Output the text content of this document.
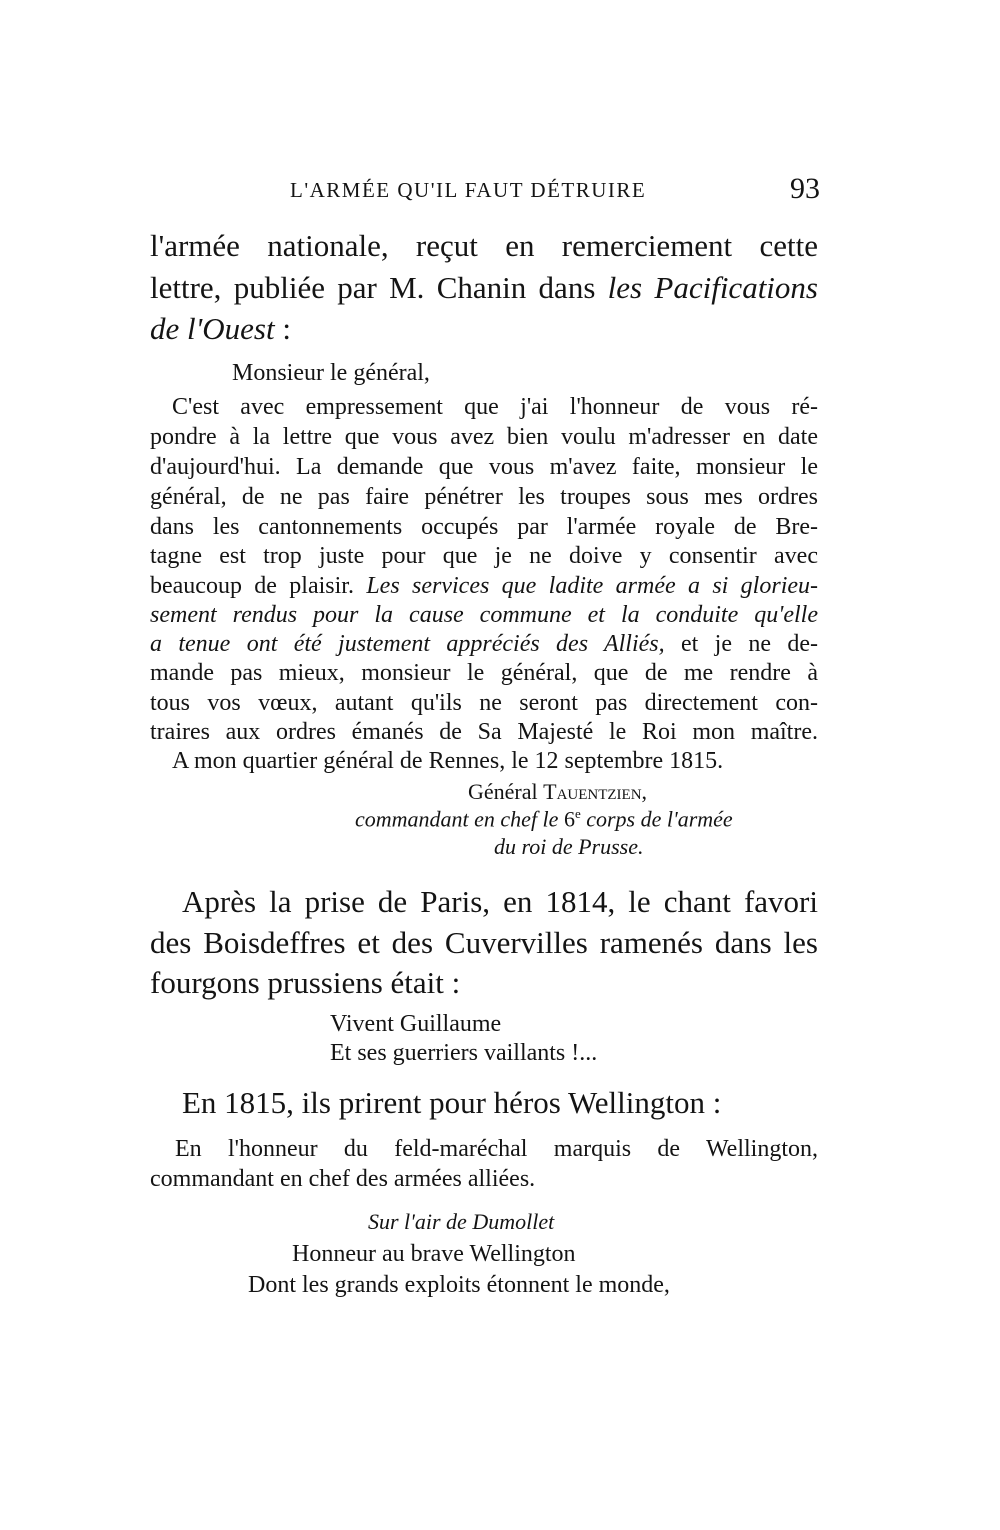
L'ARMÉE QU'IL FAUT DÉTRUIRE	93
l'armée nationale, reçut en remerciement cette
lettre, publiée par M. Chanin dans les Pacifications
de l'Ouest :
Monsieur le général,
C'est avec empressement que j'ai l'honneur de vous ré-
pondre à la lettre que vous avez bien voulu m'adresser en date
d'aujourd'hui. La demande que vous m'avez faite, monsieur le
général, de ne pas faire pénétrer les troupes sous mes ordres
dans les cantonnements occupés par l'armée royale de Bre-
tagne est trop juste pour que je ne doive y consentir avec
beaucoup de plaisir. Les services que ladite armée a si glorieu-
sement rendus pour la cause commune et la conduite qu'elle
a tenue ont été justement appréciés des Alliés, et je ne de-
mande pas mieux, monsieur le général, que de me rendre à
tous vos vœux, autant qu'ils ne seront pas directement con-
traires aux ordres émanés de Sa Majesté le Roi mon maître.
A mon quartier général de Rennes, le 12 septembre 1815.
Général Tauentzien,
commandant en chef le 6e corps de l'armée
du roi de Prusse.
Après la prise de Paris, en 1814, le chant favori
des Boisdeffres et des Cuvervilles ramenés dans les
fourgons prussiens était :
Vivent Guillaume
Et ses guerriers vaillants !...
En 1815, ils prirent pour héros Wellington :
En l'honneur du feld-maréchal marquis de Wellington,
commandant en chef des armées alliées.
Sur l'air de Dumollet
Honneur au brave Wellington
Dont les grands exploits étonnent le monde,
